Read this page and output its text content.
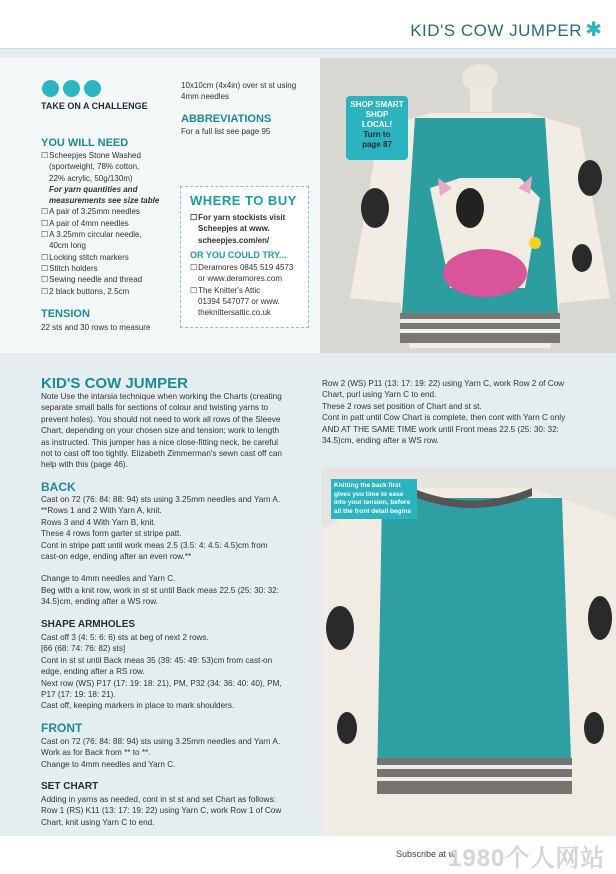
KID'S COW JUMPER ✱
TAKE ON A CHALLENGE
YOU WILL NEED
☐ Scheepjes Stone Washed
(sportweight, 78% cotton,
22% acrylic, 50g/130m)
For yarn quantities and
measurements see size table
☐ A pair of 3.25mm needles
☐ A pair of 4mm needles
☐ A 3.25mm circular needle,
40cm long
☐ Locking stitch markers
☐ Stitch holders
☐ Sewing needle and thread
☐ 2 black buttons, 2.5cm
TENSION
22 sts and 30 rows to measure
10x10cm (4x4in) over st st using
4mm needles
ABBREVIATIONS
For a full list see page 95
WHERE TO BUY
☐ For yarn stockists visit
Scheepjes at www.
scheepjes.com/en/
OR YOU COULD TRY...
☐ Deramores 0845 519 4573
or www.deramores.com
☐ The Knitter's Attic
01394 547077 or www.
theknittersattic.co.uk
SHOP SMART
SHOP
LOCAL!
Turn to
page 87
KID'S COW JUMPER
Note Use the intarsia technique when working the Charts (creating
separate small balls for sections of colour and twisting yarns to
prevent holes). You should not need to work all rows of the Sleeve
Chart, depending on your chosen size and tension; work to length
as instructed. This jumper has a nice close-fitting neck, be careful
not to cast off too tightly. Elizabeth Zimmerman's sewn cast off can
help with this (page 46).
BACK
Cast on 72 (76: 84: 88: 94) sts using 3.25mm needles and Yarn A.
**Rows 1 and 2 With Yarn A, knit.
Rows 3 and 4 With Yarn B, knit.
These 4 rows form garter st stripe patt.
Cont in stripe patt until work meas 2.5 (3.5: 4: 4.5: 4.5)cm from
cast-on edge, ending after an even row.**
Change to 4mm needles and Yarn C.
Beg with a knit row, work in st st until Back meas 22.5 (25: 30: 32:
34.5)cm, ending after a WS row.
SHAPE ARMHOLES
Cast off 3 (4: 5: 6: 6) sts at beg of next 2 rows.
[66 (68: 74: 76: 82) sts]
Cont in st st until Back meas 35 (39: 45: 49: 53)cm from cast-on
edge, ending after a RS row.
Next row (WS) P17 (17: 19: 18: 21), PM, P32 (34: 36: 40: 40), PM,
P17 (17: 19: 18: 21).
Cast off, keeping markers in place to mark shoulders.
FRONT
Cast on 72 (76: 84: 88: 94) sts using 3.25mm needles and Yarn A.
Work as for Back from ** to **.
Change to 4mm needles and Yarn C.
SET CHART
Adding in yarns as needed, cont in st st and set Chart as follows:
Row 1 (RS) K11 (13: 17: 19: 22) using Yarn C, work Row 1 of Cow
Chart, knit using Yarn C to end.
Row 2 (WS) P11 (13: 17: 19: 22) using Yarn C, work Row 2 of Cow
Chart, purl using Yarn C to end.
These 2 rows set position of Chart and st st.
Cont in patt until Cow Chart is complete, then cont with Yarn C only
AND AT THE SAME TIME work until Front meas 22.5 (25: 30: 32:
34.5)cm, ending after a WS row.
Knitting the back first
gives you time to ease
into your tension, before
all the front detail begins
Subscribe at w
1980个人网站
